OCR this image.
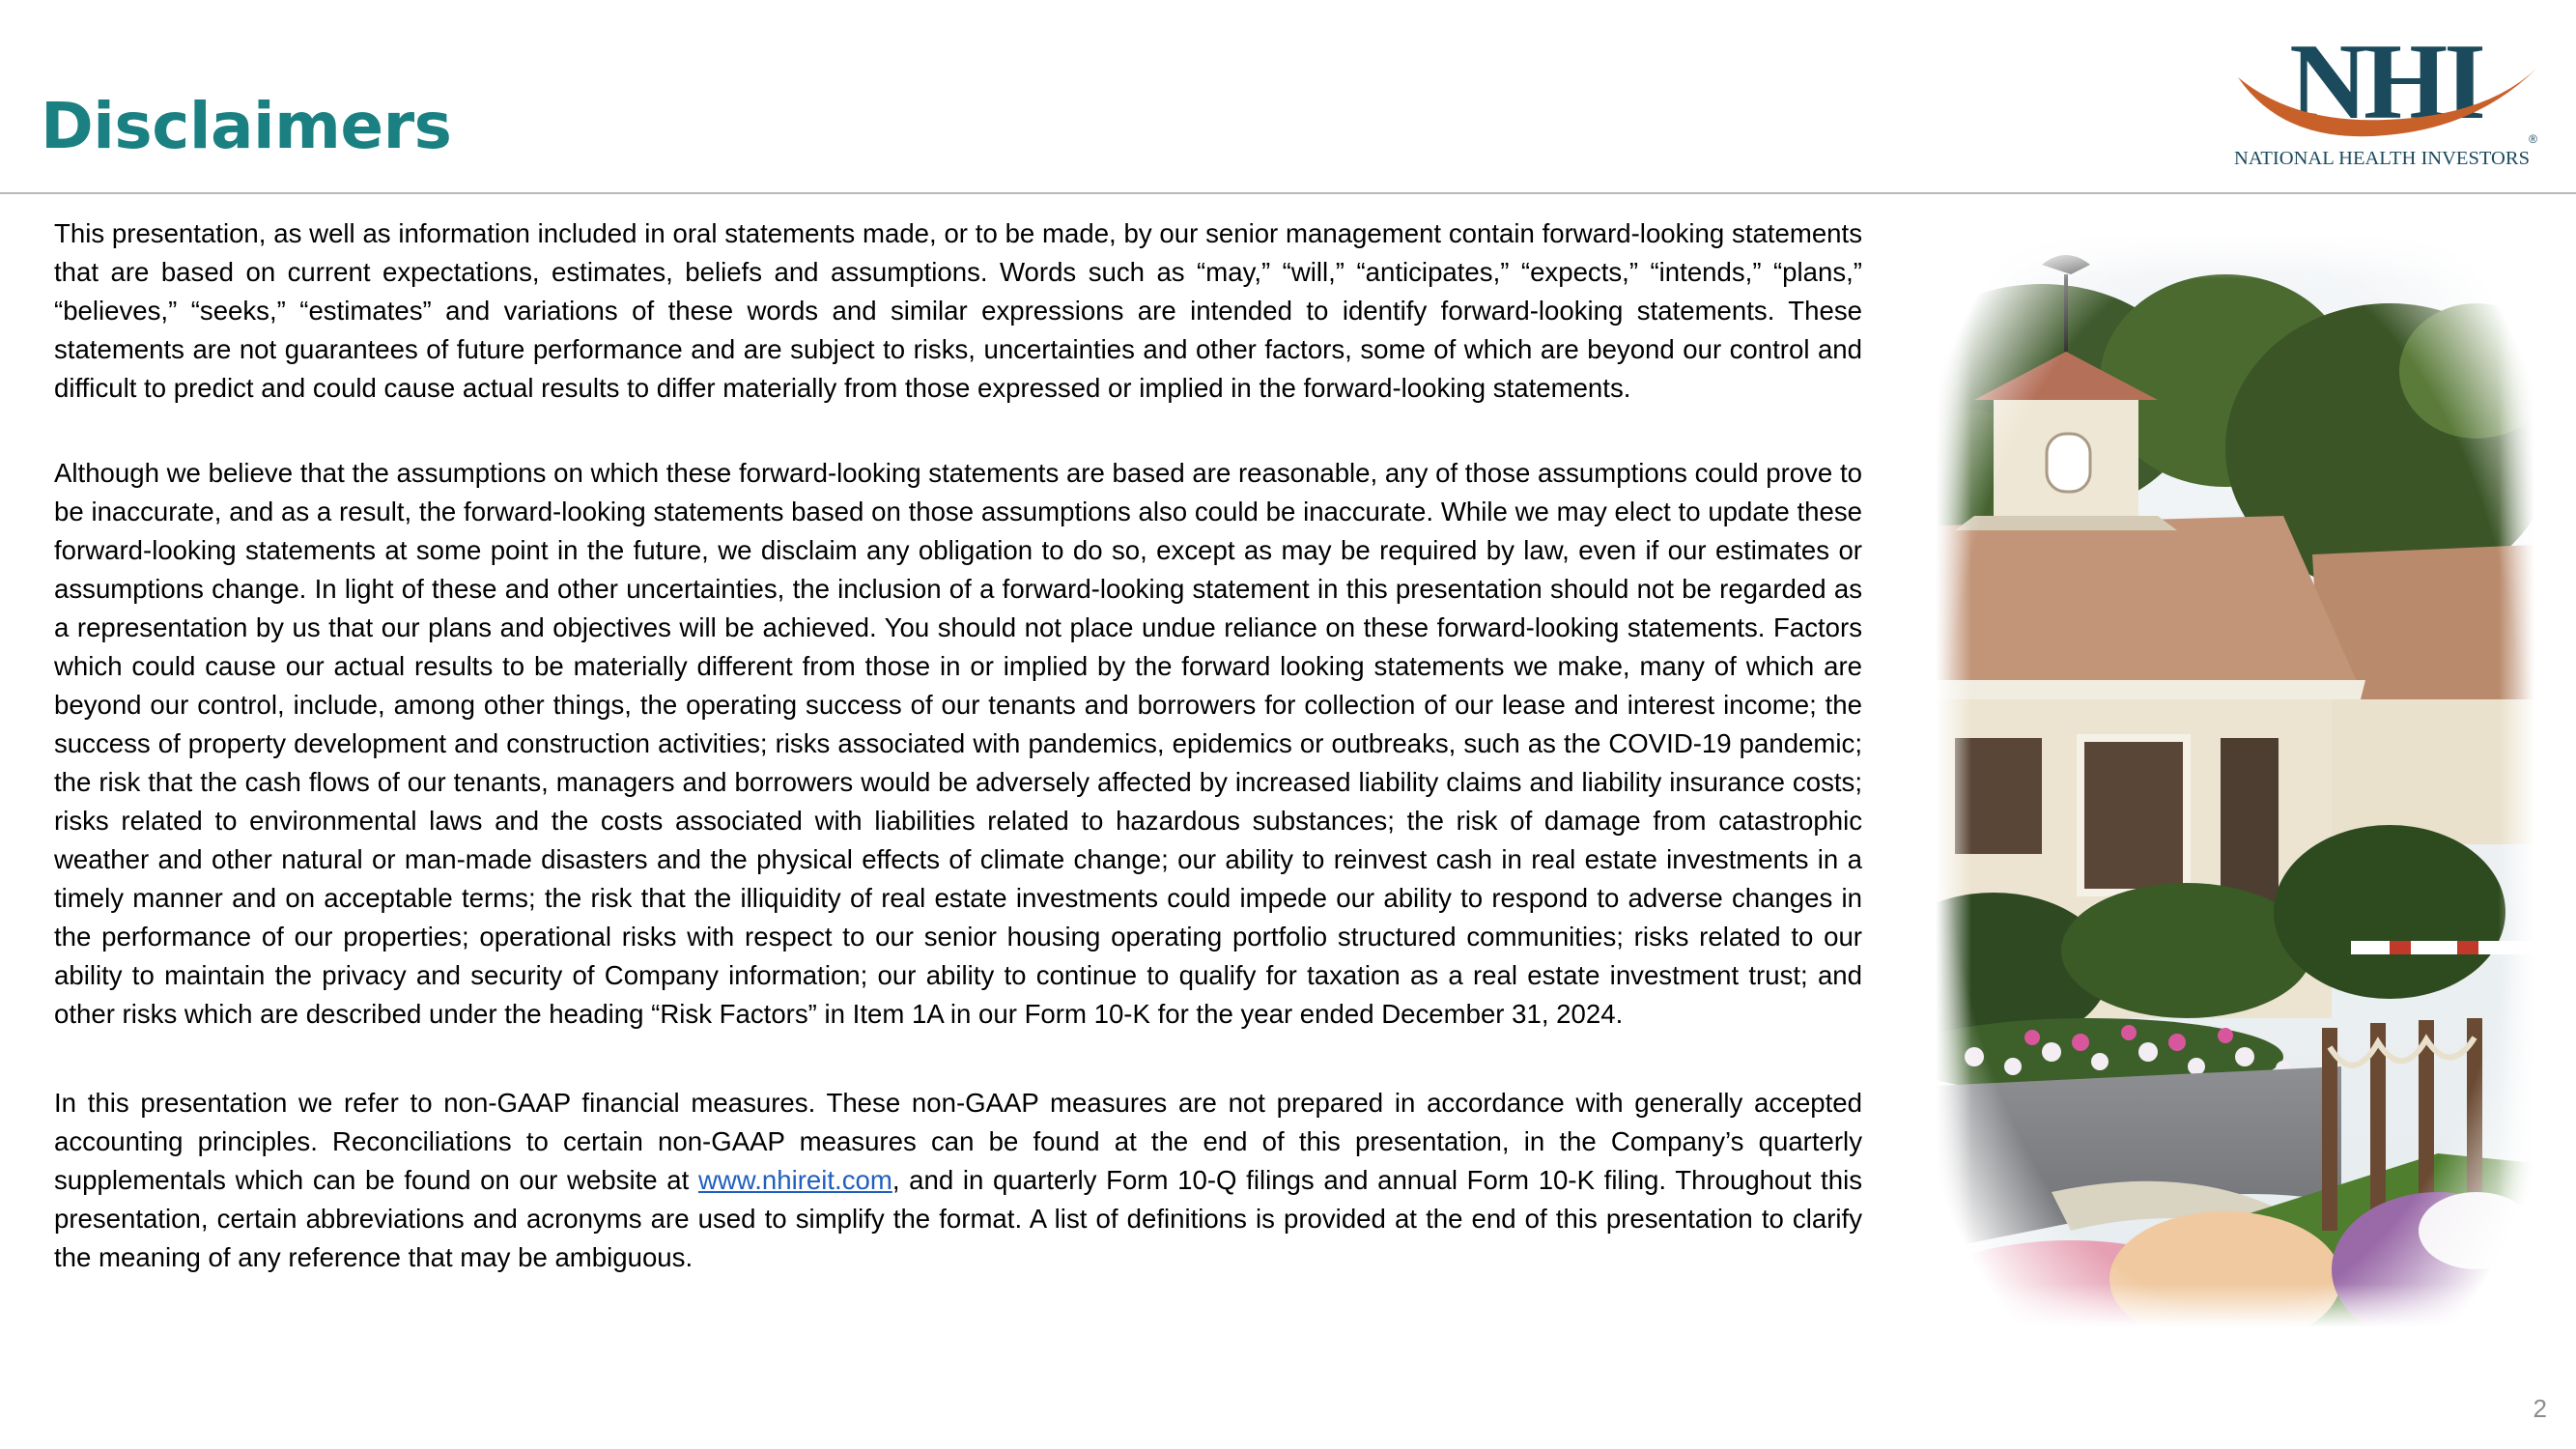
Disclaimers	NHI	®
NATIONAL HEALTH INVESTORS

This presentation, as well as information included in oral statements made, or to be made, by our senior management contain forward-looking statements that are based on current expectations, estimates, beliefs and assumptions. Words such as “may,” “will,” “anticipates,” “expects,” “intends,” “plans,” “believes,” “seeks,” “estimates” and variations of these words and similar expressions are intended to identify forward-looking statements. These statements are not guarantees of future performance and are subject to risks, uncertainties and other factors, some of which are beyond our control and difficult to predict and could cause actual results to differ materially from those expressed or implied in the forward-looking statements.

Although we believe that the assumptions on which these forward-looking statements are based are reasonable, any of those assumptions could prove to be inaccurate, and as a result, the forward-looking statements based on those assumptions also could be inaccurate. While we may elect to update these forward-looking statements at some point in the future, we disclaim any obligation to do so, except as may be required by law, even if our estimates or assumptions change. In light of these and other uncertainties, the inclusion of a forward-looking statement in this presentation should not be regarded as a representation by us that our plans and objectives will be achieved. You should not place undue reliance on these forward-looking statements. Factors which could cause our actual results to be materially different from those in or implied by the forward looking statements we make, many of which are beyond our control, include, among other things, the operating success of our tenants and borrowers for collection of our lease and interest income; the success of property development and construction activities; risks associated with pandemics, epidemics or outbreaks, such as the COVID-19 pandemic; the risk that the cash flows of our tenants, managers and borrowers would be adversely affected by increased liability claims and liability insurance costs; risks related to environmental laws and the costs associated with liabilities related to hazardous substances; the risk of damage from catastrophic weather and other natural or man-made disasters and the physical effects of climate change; our ability to reinvest cash in real estate investments in a timely manner and on acceptable terms; the risk that the illiquidity of real estate investments could impede our ability to respond to adverse changes in the performance of our properties; operational risks with respect to our senior housing operating portfolio structured communities; risks related to our ability to maintain the privacy and security of Company information; our ability to continue to qualify for taxation as a real estate investment trust; and other risks which are described under the heading “Risk Factors” in Item 1A in our Form 10-K for the year ended December 31, 2024.

In this presentation we refer to non-GAAP financial measures. These non-GAAP measures are not prepared in accordance with generally accepted accounting principles. Reconciliations to certain non-GAAP measures can be found at the end of this presentation, in the Company’s quarterly supplementals which can be found on our website at www.nhireit.com, and in quarterly Form 10-Q filings and annual Form 10-K filing. Throughout this presentation, certain abbreviations and acronyms are used to simplify the format. A list of definitions is provided at the end of this presentation to clarify the meaning of any reference that may be ambiguous.

2
